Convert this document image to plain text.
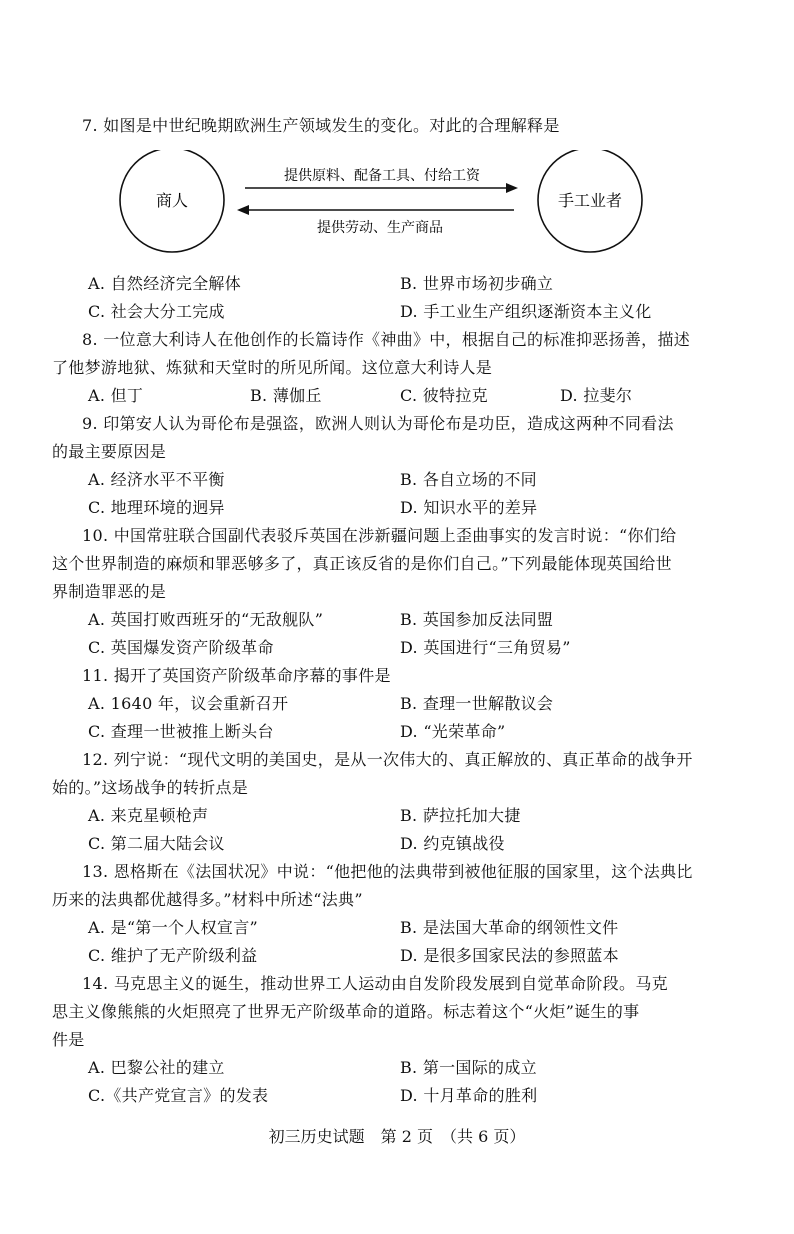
7. 如图是中世纪晚期欧洲生产领域发生的变化。对此的合理解释是
商人	手工业者
提供原料、配备工具、付给工资
提供劳动、生产商品
A. 自然经济完全解体	B. 世界市场初步确立
C. 社会大分工完成	D. 手工业生产组织逐渐资本主义化
8. 一位意大利诗人在他创作的长篇诗作《神曲》中，根据自己的标准抑恶扬善，描述
了他梦游地狱、炼狱和天堂时的所见所闻。这位意大利诗人是
A. 但丁	B. 薄伽丘	C. 彼特拉克	D. 拉斐尔
9. 印第安人认为哥伦布是强盗，欧洲人则认为哥伦布是功臣，造成这两种不同看法
的最主要原因是
A. 经济水平不平衡	B. 各自立场的不同
C. 地理环境的迥异	D. 知识水平的差异
10. 中国常驻联合国副代表驳斥英国在涉新疆问题上歪曲事实的发言时说：“你们给
这个世界制造的麻烦和罪恶够多了，真正该反省的是你们自己。”下列最能体现英国给世
界制造罪恶的是
A. 英国打败西班牙的“无敌舰队”	B. 英国参加反法同盟
C. 英国爆发资产阶级革命	D. 英国进行“三角贸易”
11. 揭开了英国资产阶级革命序幕的事件是
A. 1640 年，议会重新召开	B. 查理一世解散议会
C. 查理一世被推上断头台	D. “光荣革命”
12. 列宁说：“现代文明的美国史，是从一次伟大的、真正解放的、真正革命的战争开
始的。”这场战争的转折点是
A. 来克星顿枪声	B. 萨拉托加大捷
C. 第二届大陆会议	D. 约克镇战役
13. 恩格斯在《法国状况》中说：“他把他的法典带到被他征服的国家里，这个法典比
历来的法典都优越得多。”材料中所述“法典”
A. 是“第一个人权宣言”	B. 是法国大革命的纲领性文件
C. 维护了无产阶级利益	D. 是很多国家民法的参照蓝本
14. 马克思主义的诞生，推动世界工人运动由自发阶段发展到自觉革命阶段。马克
思主义像熊熊的火炬照亮了世界无产阶级革命的道路。标志着这个“火炬”诞生的事
件是
A. 巴黎公社的建立	B. 第一国际的成立
C.《共产党宣言》的发表	D. 十月革命的胜利
初三历史试题　第 2 页　（共 6 页）
